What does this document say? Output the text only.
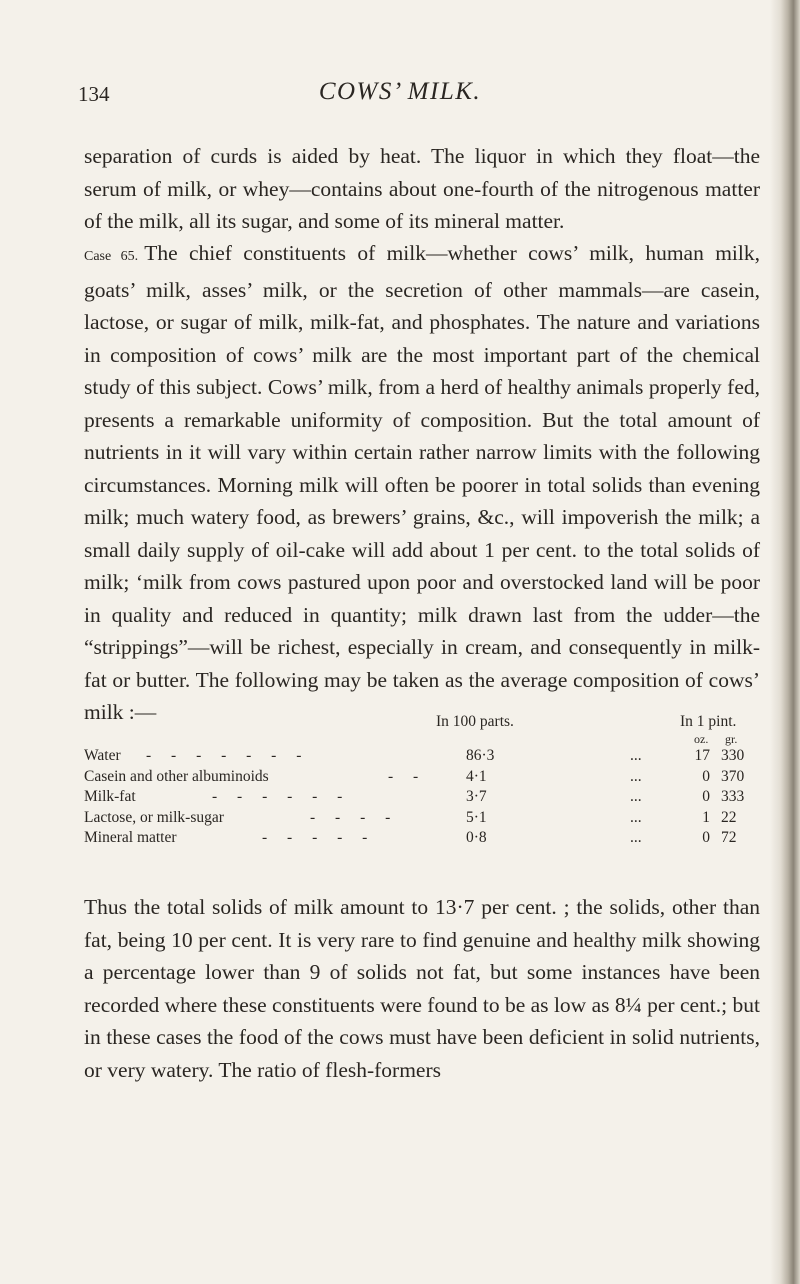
134	COWS’ MILK.
separation of curds is aided by heat. The liquor in which they float—the serum of milk, or whey—contains about one-fourth of the nitrogenous matter of the milk, all its sugar, and some of its mineral matter.
Case 65. The chief constituents of milk—whether cows’ milk, human milk, goats’ milk, asses’ milk, or the secretion of other mammals—are casein, lactose, or sugar of milk, milk-fat, and phosphates. The nature and variations in composition of cows’ milk are the most important part of the chemical study of this subject. Cows’ milk, from a herd of healthy animals properly fed, presents a remarkable uniformity of composition. But the total amount of nutrients in it will vary within certain rather narrow limits with the following circumstances. Morning milk will often be poorer in total solids than evening milk; much watery food, as brewers’ grains, &c., will impoverish the milk; a small daily supply of oil-cake will add about 1 per cent. to the total solids of milk; ‘milk from cows pastured upon poor and overstocked land will be poor in quality and reduced in quantity; milk drawn last from the udder—the “strippings”—will be richest, especially in cream, and consequently in milk-fat or butter. The following may be taken as the average composition of cows’ milk :—	In 100 parts.	In 1 pint.
oz. gr.
Water - - - - - - -	86·3	...	17 330
Casein and other albuminoids	- -	4·1	...	0 370
Milk-fat	- - - - - -	3·7	...	0 333
Lactose, or milk-sugar	- - - -	5·1	...	1 22
Mineral matter	- - - - -	0·8	...	0 72
Thus the total solids of milk amount to 13·7 per cent. ; the solids, other than fat, being 10 per cent. It is very rare to find genuine and healthy milk showing a percentage lower than 9 of solids not fat, but some instances have been recorded where these constituents were found to be as low as 8¼ per cent.; but in these cases the food of the cows must have been deficient in solid nutrients, or very watery. The ratio of flesh-formers
